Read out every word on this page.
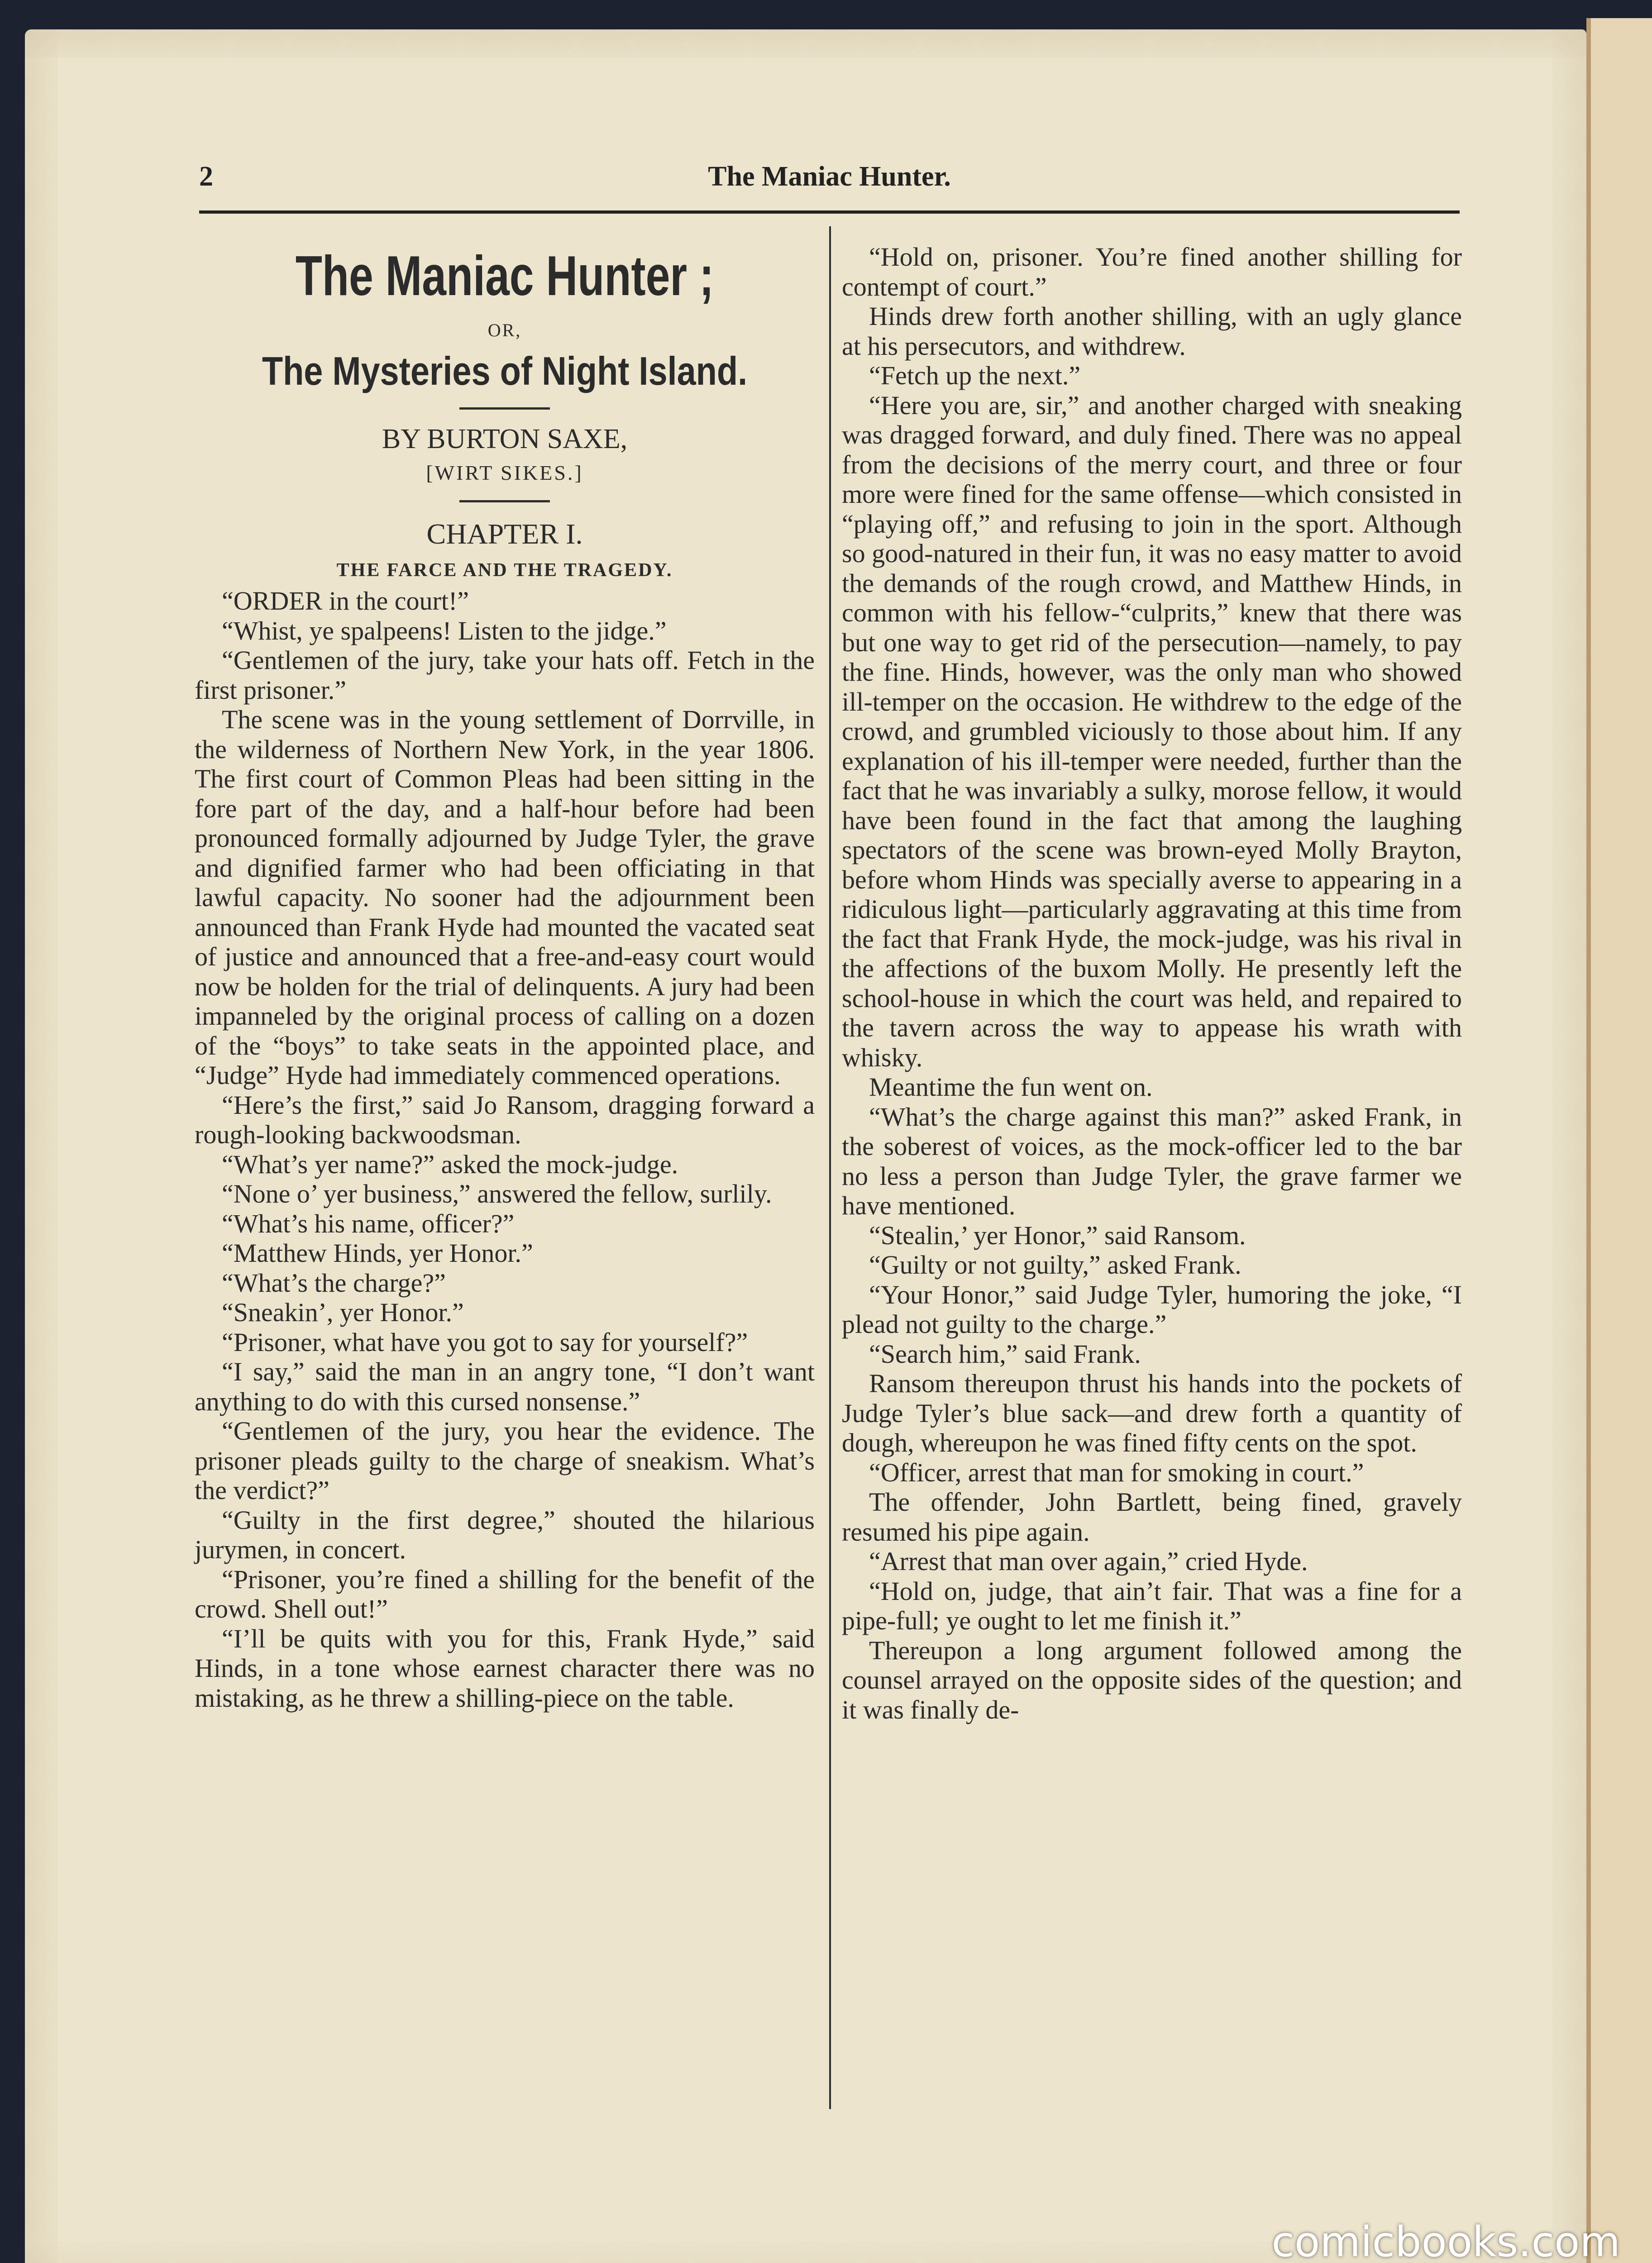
2	The Maniac Hunter.
The Maniac Hunter ;
OR,
The Mysteries of Night Island.
BY BURTON SAXE,
[WIRT SIKES.]
CHAPTER I.
THE FARCE AND THE TRAGEDY.

“ORDER in the court!”

“Whist, ye spalpeens! Listen to the jidge.”

“Gentlemen of the jury, take your hats off. Fetch in the first prisoner.”

The scene was in the young settlement of Dorrville, in the wilderness of Northern New York, in the year 1806. The first court of Common Pleas had been sitting in the fore part of the day, and a half-hour before had been pronounced formally adjourned by Judge Tyler, the grave and dignified farmer who had been officiating in that lawful capacity. No sooner had the adjournment been announced than Frank Hyde had mounted the vacated seat of justice and announced that a free-and-easy court would now be holden for the trial of delinquents. A jury had been impanneled by the original process of calling on a dozen of the “boys” to take seats in the appointed place, and “Judge” Hyde had immediately commenced operations.

“Here’s the first,” said Jo Ransom, dragging forward a rough-looking backwoodsman.

“What’s yer name?” asked the mock-judge.

“None o’ yer business,” answered the fellow, surlily.

“What’s his name, officer?”

“Matthew Hinds, yer Honor.”

“What’s the charge?”

“Sneakin’, yer Honor.”

“Prisoner, what have you got to say for yourself?”

“I say,” said the man in an angry tone, “I don’t want anything to do with this cursed nonsense.”

“Gentlemen of the jury, you hear the evidence. The prisoner pleads guilty to the charge of sneakism. What’s the verdict?”

“Guilty in the first degree,” shouted the hilarious jurymen, in concert.

“Prisoner, you’re fined a shilling for the benefit of the crowd. Shell out!”

“I’ll be quits with you for this, Frank Hyde,” said Hinds, in a tone whose earnest character there was no mistaking, as he threw a shilling-piece on the table.

“Hold on, prisoner. You’re fined another shilling for contempt of court.”

Hinds drew forth another shilling, with an ugly glance at his persecutors, and withdrew.

“Fetch up the next.”

“Here you are, sir,” and another charged with sneaking was dragged forward, and duly fined. There was no appeal from the decisions of the merry court, and three or four more were fined for the same offense—which consisted in “playing off,” and refusing to join in the sport. Although so good-natured in their fun, it was no easy matter to avoid the demands of the rough crowd, and Matthew Hinds, in common with his fellow-“culprits,” knew that there was but one way to get rid of the persecution—namely, to pay the fine. Hinds, however, was the only man who showed ill-temper on the occasion. He withdrew to the edge of the crowd, and grumbled viciously to those about him. If any explanation of his ill-temper were needed, further than the fact that he was invariably a sulky, morose fellow, it would have been found in the fact that among the laughing spectators of the scene was brown-eyed Molly Brayton, before whom Hinds was specially averse to appearing in a ridiculous light—particularly aggravating at this time from the fact that Frank Hyde, the mock-judge, was his rival in the affections of the buxom Molly. He presently left the school-house in which the court was held, and repaired to the tavern across the way to appease his wrath with whisky.

Meantime the fun went on.

“What’s the charge against this man?” asked Frank, in the soberest of voices, as the mock-officer led to the bar no less a person than Judge Tyler, the grave farmer we have mentioned.

“Stealin,’ yer Honor,” said Ransom.

“Guilty or not guilty,” asked Frank.

“Your Honor,” said Judge Tyler, humoring the joke, “I plead not guilty to the charge.”

“Search him,” said Frank.

Ransom thereupon thrust his hands into the pockets of Judge Tyler’s blue sack—and drew forth a quantity of dough, whereupon he was fined fifty cents on the spot.

“Officer, arrest that man for smoking in court.”

The offender, John Bartlett, being fined, gravely resumed his pipe again.

“Arrest that man over again,” cried Hyde.

“Hold on, judge, that ain’t fair. That was a fine for a pipe-full; ye ought to let me finish it.”

Thereupon a long argument followed among the counsel arrayed on the opposite sides of the question; and it was finally de-

comicbooks.com
